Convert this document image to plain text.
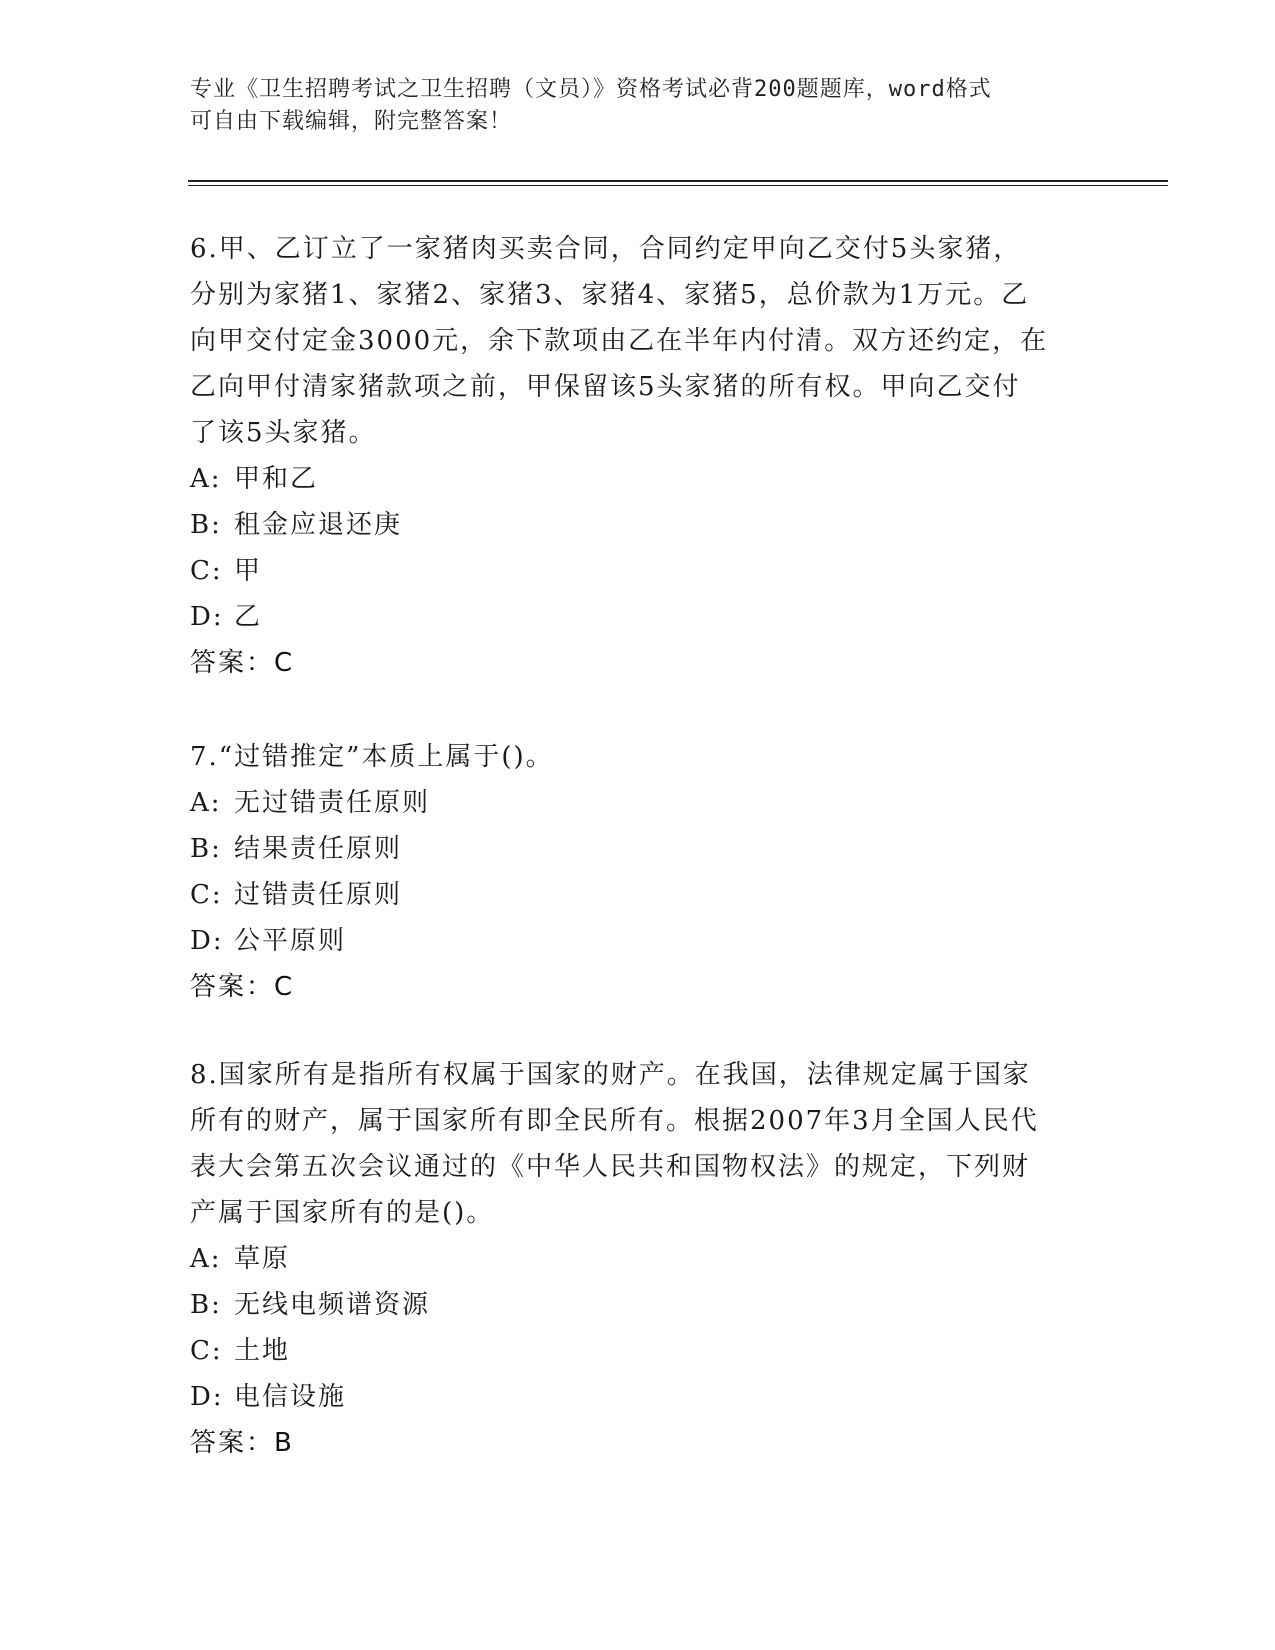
专业《卫生招聘考试之卫生招聘（文员）》资格考试必背200题题库，word格式
可自由下载编辑，附完整答案！
6.甲、乙订立了一家猪肉买卖合同，合同约定甲向乙交付5头家猪，
分别为家猪1、家猪2、家猪3、家猪4、家猪5，总价款为1万元。乙
向甲交付定金3000元，余下款项由乙在半年内付清。双方还约定，在
乙向甲付清家猪款项之前，甲保留该5头家猪的所有权。甲向乙交付
了该5头家猪。
A: 甲和乙
B: 租金应退还庚
C: 甲
D: 乙
答案：C
7.“过错推定”本质上属于()。
A: 无过错责任原则
B: 结果责任原则
C: 过错责任原则
D: 公平原则
答案：C
8.国家所有是指所有权属于国家的财产。在我国，法律规定属于国家
所有的财产，属于国家所有即全民所有。根据2007年3月全国人民代
表大会第五次会议通过的《中华人民共和国物权法》的规定，下列财
产属于国家所有的是()。
A: 草原
B: 无线电频谱资源
C: 土地
D: 电信设施
答案：B
